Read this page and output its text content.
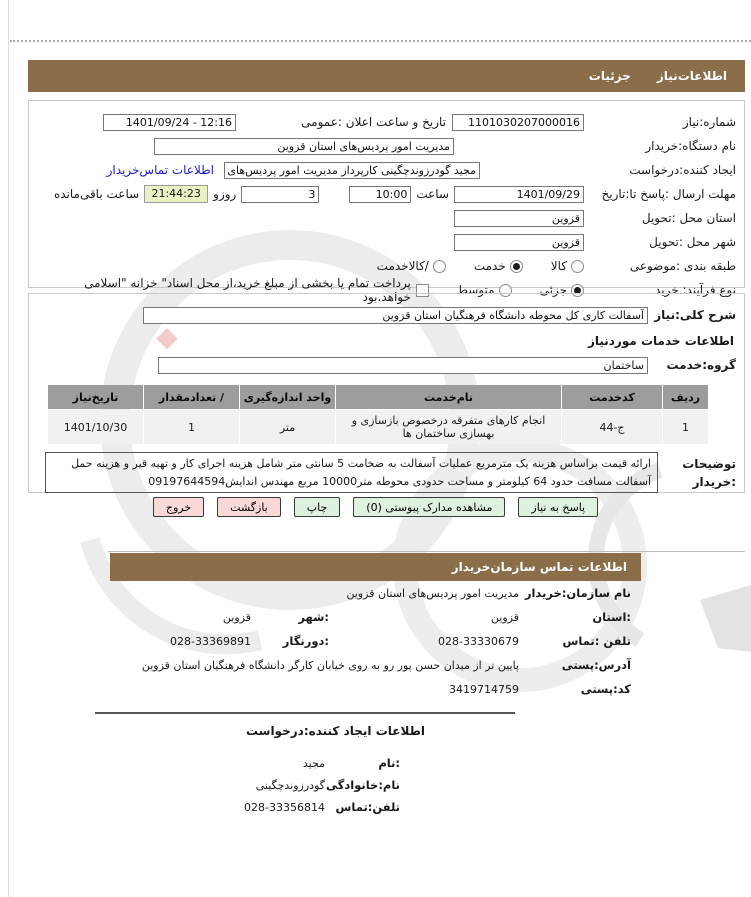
اطلاعات‌نیاز
جزئیات
شماره:نیاز
1101030207000016
تاریخ و ساعت اعلان :عمومی
1401/09/24 - 12:16
نام دستگاه:خریدار
مدیریت امور پردیس‌های استان قزوین
ایجاد کننده:درخواست
مجید گودرزوندچگینی کارپرداز مدیریت امور پردیس‌های استان قزوین
اطلاعات تماس‌خریدار
مهلت ارسال :پاسخ تا:تاریخ
1401/09/29
ساعت
10:00
3
روزو
21:44:23
ساعت باقی‌مانده
استان محل :تحویل
قزوین
شهر محل :تحویل
قزوین
طبقه بندی :موضوعی
کالا
خدمت
/کالاخدمت
نوع فرآیند: خرید
جزئی
متوسط
پرداخت تمام یا بخشی از مبلغ خرید،از محل اسناد" خزانه "اسلامی خواهد.بود
شرح کلی:نیاز
آسفالت کاری کل محوطه دانشگاه فرهنگیان استان قزوین
اطلاعات خدمات موردنیاز
گروه:خدمت
ساختمان
ردیف	کدخدمت	نام‌خدمت	واحد اندازه‌گیری	/ تعدادمقدار	تاریخ‌نیاز
1	ج-44	انجام کارهای متفرقه درخصوص بازسازی و بهسازی ساختمان ها	متر	1	1401/10/30
توضیحات
:خریدار
ارائه قیمت براساس هزینه یک مترمربع عملیات آسفالت به ضخامت 5 سانتی متر شامل هزینه اجرای کار و تهیه قیر و هزینه حمل آسفالت مسافت حدود 64 کیلومتر و مساحت حدودی محوطه متر10000 مربع مهندس اندایش09197644594
پاسخ به نیاز
مشاهده مدارک پیوستی (0)
چاپ
بازگشت
خروج
اطلاعات تماس سازمان‌خریدار
نام سازمان:خریدار
مدیریت امور پردیس‌های استان قزوین
:استان
قزوین
:شهر
قزوین
تلفن :تماس
028-33330679
:دورنگار
028-33369891
آدرس:پستی
پایین تر از میدان حسن پور رو به روی خیابان کارگر دانشگاه فرهنگیان استان قزوین
کد:پستی
3419714759
اطلاعات ایجاد کننده:درخواست
:نام
مجید
نام:خانوادگی
گودرزوندچگینی
تلفن:تماس
028-33356814
